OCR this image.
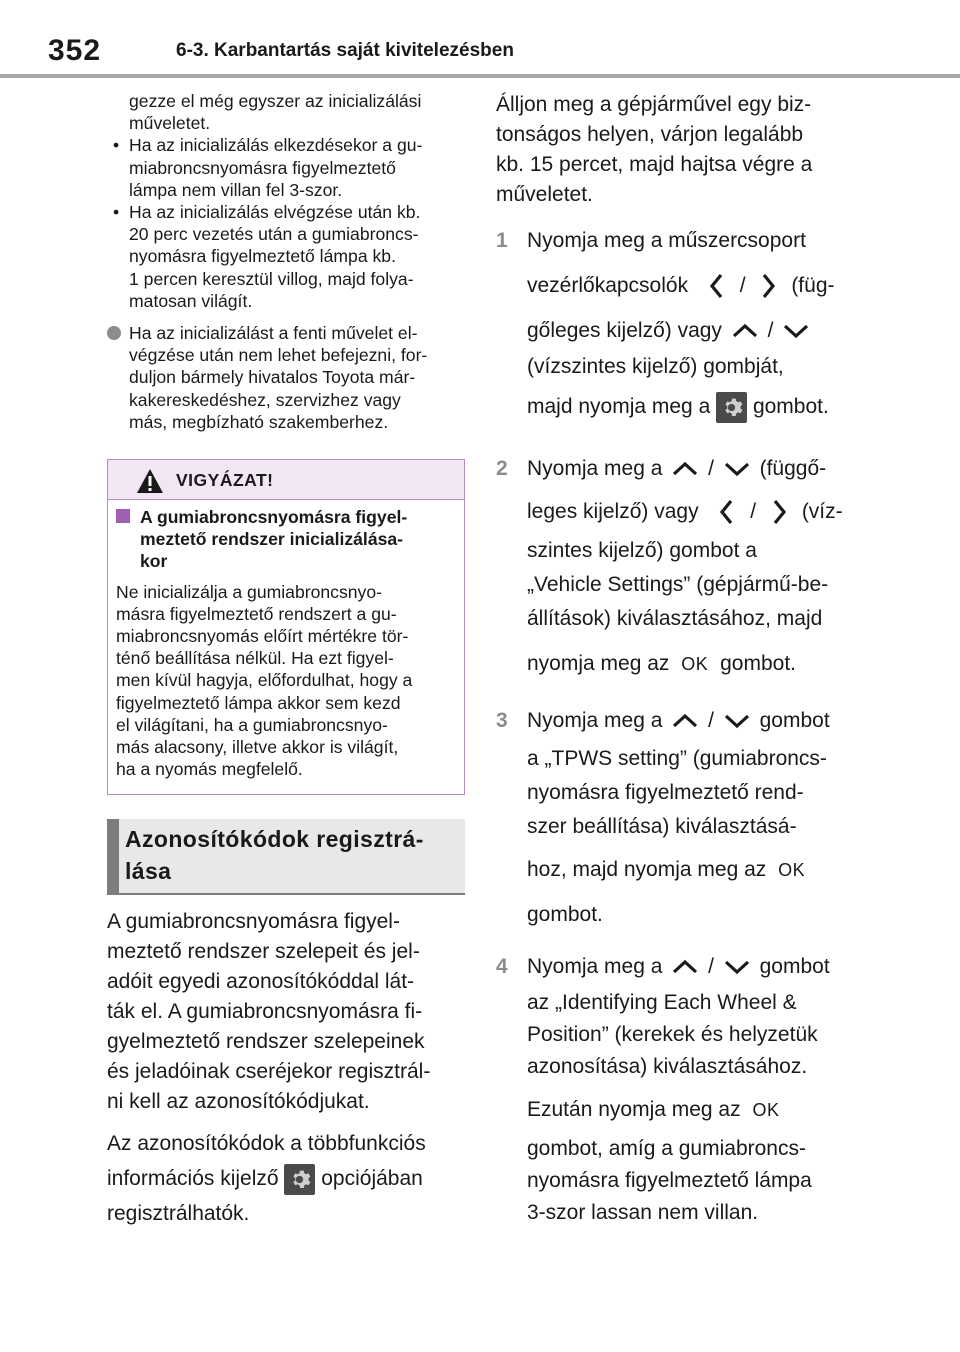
352	6-3. Karbantartás saját kivitelezésben
gezze el még egyszer az inicializálási
műveletet.
• Ha az inicializálás elkezdésekor a gu-
miabroncsnyomásra figyelmeztető
lámpa nem villan fel 3-szor.
• Ha az inicializálás elvégzése után kb.
20 perc vezetés után a gumiabroncs-
nyomásra figyelmeztető lámpa kb.
1 percen keresztül villog, majd folya-
matosan világít.
Ha az inicializálást a fenti művelet el-
végzése után nem lehet befejezni, for-
duljon bármely hivatalos Toyota már-
kakereskedéshez, szervizhez vagy
más, megbízható szakemberhez.
VIGYÁZAT!
A gumiabroncsnyomásra figyel-
meztető rendszer inicializálása-
kor
Ne inicializálja a gumiabroncsnyo-
másra figyelmeztető rendszert a gu-
miabroncsnyomás előírt mértékre tör-
ténő beállítása nélkül. Ha ezt figyel-
men kívül hagyja, előfordulhat, hogy a
figyelmeztető lámpa akkor sem kezd
el világítani, ha a gumiabroncsnyo-
más alacsony, illetve akkor is világít,
ha a nyomás megfelelő.
Azonosítókódok regisztrá-
lása
A gumiabroncsnyomásra figyel-
meztető rendszer szelepeit és jel-
adóit egyedi azonosítókóddal lát-
ták el. A gumiabroncsnyomásra fi-
gyelmeztető rendszer szelepeinek
és jeladóinak cseréjekor regisztrál-
ni kell az azonosítókódjukat.
Az azonosítókódok a többfunkciós
információs kijelző opciójában
regisztrálhatók.
Álljon meg a gépjárművel egy biz-
tonságos helyen, várjon legalább
kb. 15 percet, majd hajtsa végre a
műveletet.
1 Nyomja meg a műszercsoport
vezérlőkapcsolók / (füg-
gőleges kijelző) vagy /
(vízszintes kijelző) gombját,
majd nyomja meg a gombot.
2 Nyomja meg a / (függő-
leges kijelző) vagy / (víz-
szintes kijelző) gombot a
„Vehicle Settings” (gépjármű-be-
állítások) kiválasztásához, majd
nyomja meg az OK gombot.
3 Nyomja meg a / gombot
a „TPWS setting” (gumiabroncs-
nyomásra figyelmeztető rend-
szer beállítása) kiválasztásá-
hoz, majd nyomja meg az OK
gombot.
4 Nyomja meg a / gombot
az „Identifying Each Wheel &
Position” (kerekek és helyzetük
azonosítása) kiválasztásához.
Ezután nyomja meg az OK
gombot, amíg a gumiabroncs-
nyomásra figyelmeztető lámpa
3-szor lassan nem villan.
